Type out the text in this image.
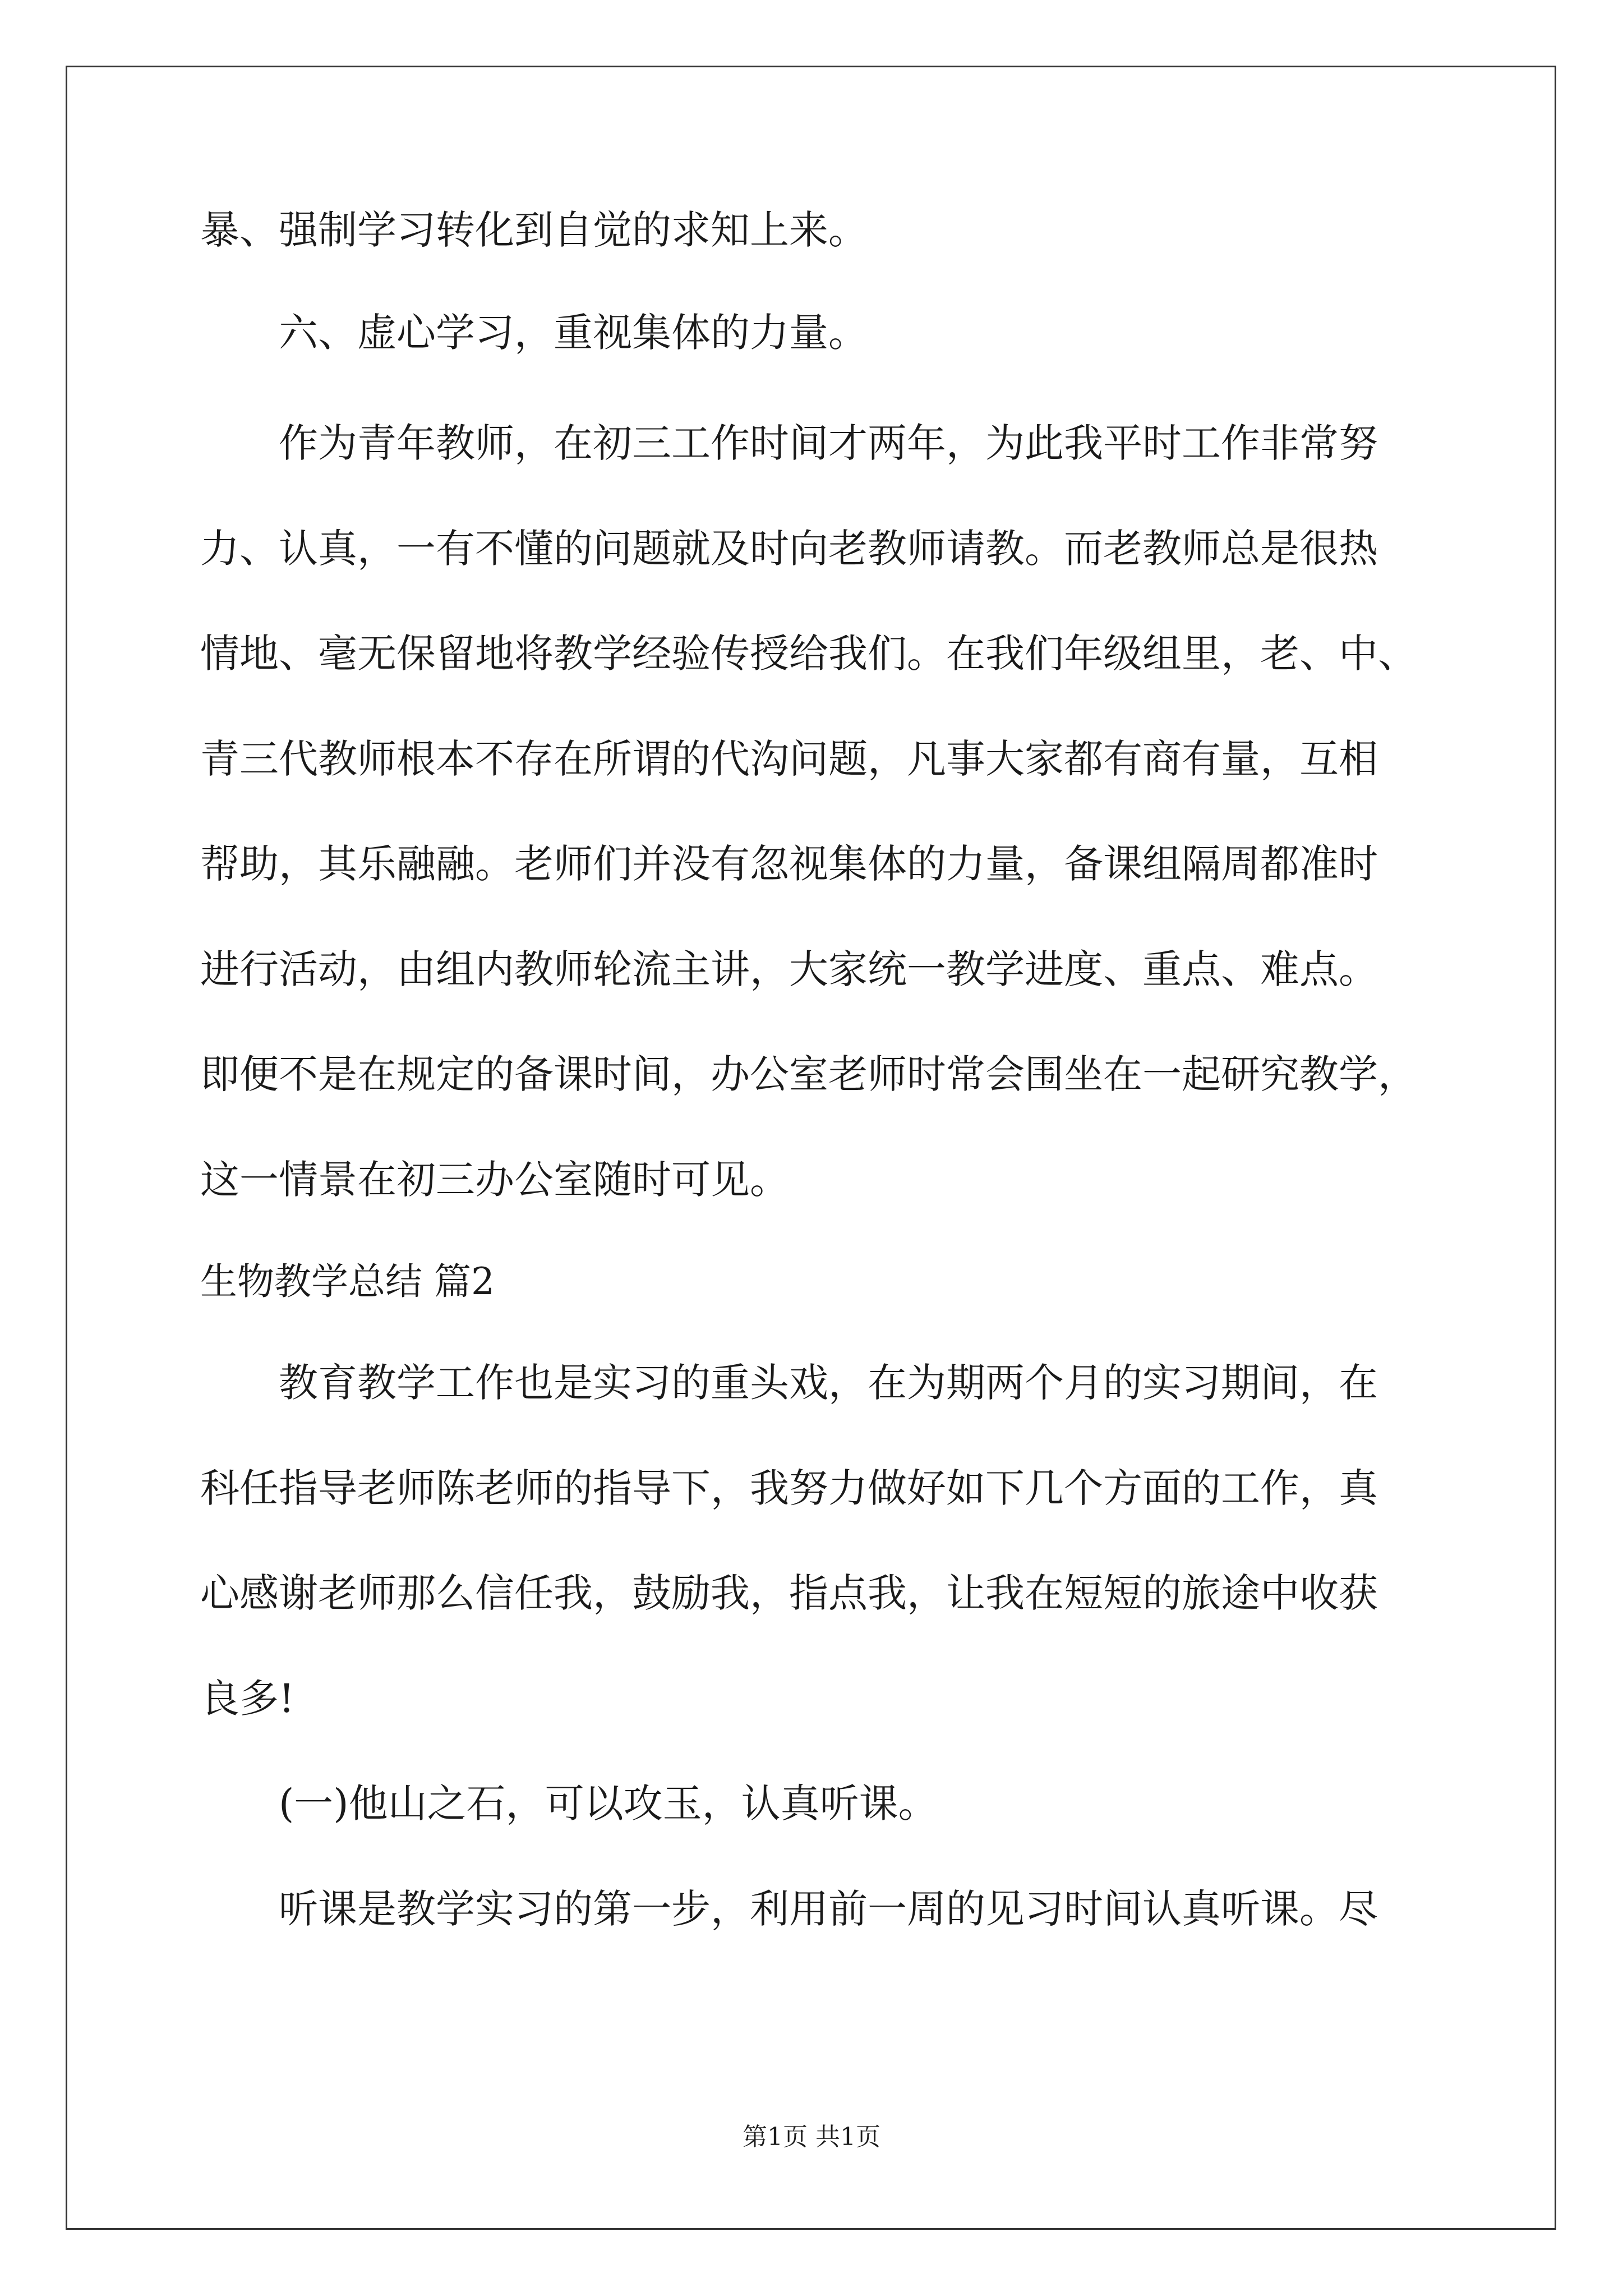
暴、强制学习转化到自觉的求知上来。
六、虚心学习，重视集体的力量。
作为青年教师，在初三工作时间才两年，为此我平时工作非常努
力、认真，一有不懂的问题就及时向老教师请教。而老教师总是很热
情地、毫无保留地将教学经验传授给我们。在我们年级组里，老、中、
青三代教师根本不存在所谓的代沟问题，凡事大家都有商有量，互相
帮助，其乐融融。老师们并没有忽视集体的力量，备课组隔周都准时
进行活动，由组内教师轮流主讲，大家统一教学进度、重点、难点。
即便不是在规定的备课时间，办公室老师时常会围坐在一起研究教学，
这一情景在初三办公室随时可见。
生物教学总结 篇2
教育教学工作也是实习的重头戏，在为期两个月的实习期间，在
科任指导老师陈老师的指导下，我努力做好如下几个方面的工作，真
心感谢老师那么信任我，鼓励我，指点我，让我在短短的旅途中收获
良多!
(一)他山之石，可以攻玉，认真听课。
听课是教学实习的第一步，利用前一周的见习时间认真听课。尽
第1页 共1页
